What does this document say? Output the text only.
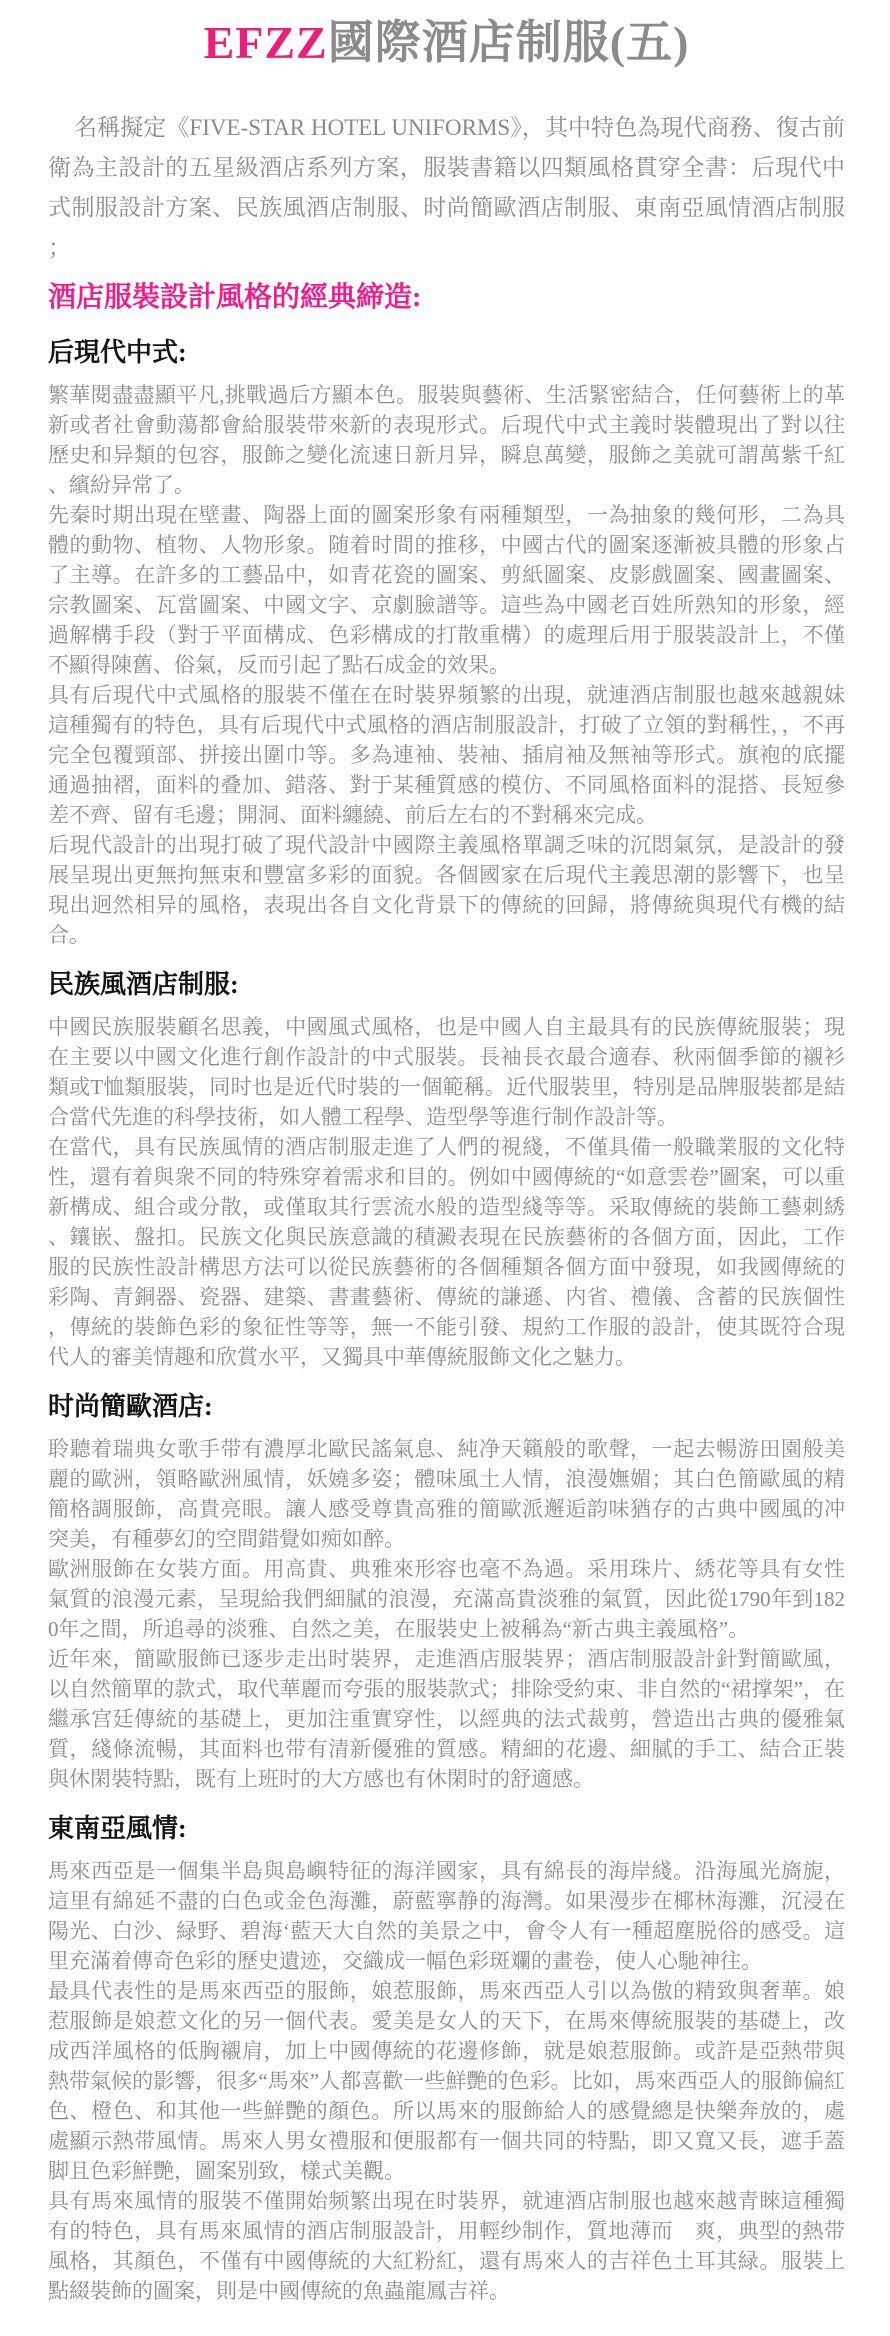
EFZZ國際酒店制服(五)

名稱擬定《FIVE-STAR HOTEL UNIFORMS》，其中特色為現代商務、復古前衛為主設計的五星級酒店系列方案，服裝書籍以四類風格貫穿全書：后現代中式制服設計方案、民族風酒店制服、时尚簡歐酒店制服、東南亞風情酒店制服；

酒店服裝設計風格的經典締造:
后現代中式:

繁華閱盡盡顯平凡,挑戰過后方顯本色。服裝與藝術、生活緊密結合，任何藝術上的革新或者社會動蕩都會給服裝带來新的表現形式。后現代中式主義时裝體現出了對以往歷史和异類的包容，服飾之變化流速日新月异，瞬息萬變，服飾之美就可謂萬紫千紅、繽紛异常了。

先秦时期出現在壁畫、陶器上面的圖案形象有兩種類型，一為抽象的幾何形，二為具體的動物、植物、人物形象。随着时間的推移，中國古代的圖案逐漸被具體的形象占了主導。在許多的工藝品中，如青花瓷的圖案、剪紙圖案、皮影戲圖案、國畫圖案、宗教圖案、瓦當圖案、中國文字、京劇臉譜等。這些為中國老百姓所熟知的形象，經過解構手段（對于平面構成、色彩構成的打散重構）的處理后用于服裝設計上，不僅不顯得陳舊、俗氣，反而引起了點石成金的效果。

具有后現代中式風格的服裝不僅在在时裝界頻繁的出現，就連酒店制服也越來越親妹這種獨有的特色，具有后現代中式風格的酒店制服設計，打破了立領的對稱性，，不再完全包覆頸部、拼接出圍巾等。多為連袖、裝袖、插肩袖及無袖等形式。旗袍的底擺通過抽褶，面料的叠加、錯落、對于某種質感的模仿、不同風格面料的混搭、長短參差不齊、留有毛邊；開洞、面料纏繞、前后左右的不對稱來完成。

后現代設計的出現打破了現代設計中國際主義風格單調乏味的沉悶氣氛，是設計的發展呈現出更無拘無束和豐富多彩的面貌。各個國家在后現代主義思潮的影響下，也呈現出迥然相异的風格，表現出各自文化背景下的傳統的回歸，將傳統與現代有機的結合。

民族風酒店制服:

中國民族服裝顧名思義，中國風式風格，也是中國人自主最具有的民族傳統服裝；現在主要以中國文化進行創作設計的中式服裝。長袖長衣最合適春、秋兩個季節的襯衫類或T恤類服裝，同时也是近代时裝的一個範稱。近代服裝里，特別是品牌服裝都是結合當代先進的科學技術，如人體工程學、造型學等進行制作設計等。

在當代，具有民族風情的酒店制服走進了人們的視綫，不僅具備一般職業服的文化特性，還有着與衆不同的特殊穿着需求和目的。例如中國傳統的“如意雲卷”圖案，可以重新構成、組合或分散，或僅取其行雲流水般的造型綫等等。采取傳統的裝飾工藝刺綉、鑲嵌、盤扣。民族文化與民族意識的積澱表現在民族藝術的各個方面，因此，工作服的民族性設計構思方法可以從民族藝術的各個種類各個方面中發現，如我國傳統的彩陶、青銅器、瓷器、建築、書畫藝術、傳統的謙遜、内省、禮儀、含蓄的民族個性，傳統的裝飾色彩的象征性等等，無一不能引發、規約工作服的設計，使其既符合現代人的審美情趣和欣賞水平，又獨具中華傳統服飾文化之魅力。

时尚簡歐酒店:

聆聽着瑞典女歌手带有濃厚北歐民謠氣息、純净天籟般的歌聲，一起去暢游田園般美麗的歐洲，領略歐洲風情，妖嬈多姿；體味風土人情，浪漫嫵媚；其白色簡歐風的精簡格調服飾，高貴亮眼。讓人感受尊貴高雅的簡歐派邂逅韵味猶存的古典中國風的冲突美，有種夢幻的空間錯覺如痴如醉。

歐洲服飾在女裝方面。用高貴、典雅來形容也毫不為過。采用珠片、綉花等具有女性氣質的浪漫元素，呈現給我們細膩的浪漫，充滿高貴淡雅的氣質，因此從1790年到1820年之間，所追尋的淡雅、自然之美，在服裝史上被稱為“新古典主義風格”。

近年來，簡歐服飾已逐步走出时裝界，走進酒店服裝界；酒店制服設計針對簡歐風，以自然簡單的款式，取代華麗而夸張的服裝款式；排除受約束、非自然的“裙撑架”，在繼承宫廷傳統的基礎上，更加注重實穿性，以經典的法式裁剪，營造出古典的優雅氣質，綫條流暢，其面料也带有清新優雅的質感。精細的花邊、細膩的手工、結合正裝與休閑裝特點，既有上班时的大方感也有休閑时的舒適感。

東南亞風情:

馬來西亞是一個集半島與島嶼特征的海洋國家，具有綿長的海岸綫。沿海風光旖旎，這里有綿延不盡的白色或金色海灘，蔚藍寧静的海灣。如果漫步在椰林海灘，沉浸在陽光、白沙、緑野、碧海‘藍天大自然的美景之中，會令人有一種超塵脱俗的感受。這里充滿着傳奇色彩的歷史遺迹，交織成一幅色彩斑斕的畫卷，使人心馳神往。

最具代表性的是馬來西亞的服飾，娘惹服飾，馬來西亞人引以為傲的精致與奢華。娘惹服飾是娘惹文化的另一個代表。愛美是女人的天下，在馬來傳統服裝的基礎上，改成西洋風格的低胸襯肩，加上中國傳統的花邊修飾，就是娘惹服飾。或許是亞熱带與熱带氣候的影響，很多“馬來”人都喜歡一些鮮艷的色彩。比如，馬來西亞人的服飾偏紅色、橙色、和其他一些鮮艷的顏色。所以馬來的服飾給人的感覺總是快樂奔放的，處處顯示熱带風情。馬來人男女禮服和便服都有一個共同的特點，即又寬又長，遮手蓋脚且色彩鮮艷，圖案别致，樣式美觀。

具有馬來風情的服裝不僅開始频繁出現在时裝界，就連酒店制服也越來越青睞這種獨有的特色，具有馬來風情的酒店制服設計，用輕纱制作，質地薄而　爽，典型的熱带風格，其顏色，不僅有中國傳統的大紅粉紅，還有馬來人的吉祥色土耳其緑。服裝上點綴裝飾的圖案，則是中國傳統的魚蟲龍鳳吉祥。
